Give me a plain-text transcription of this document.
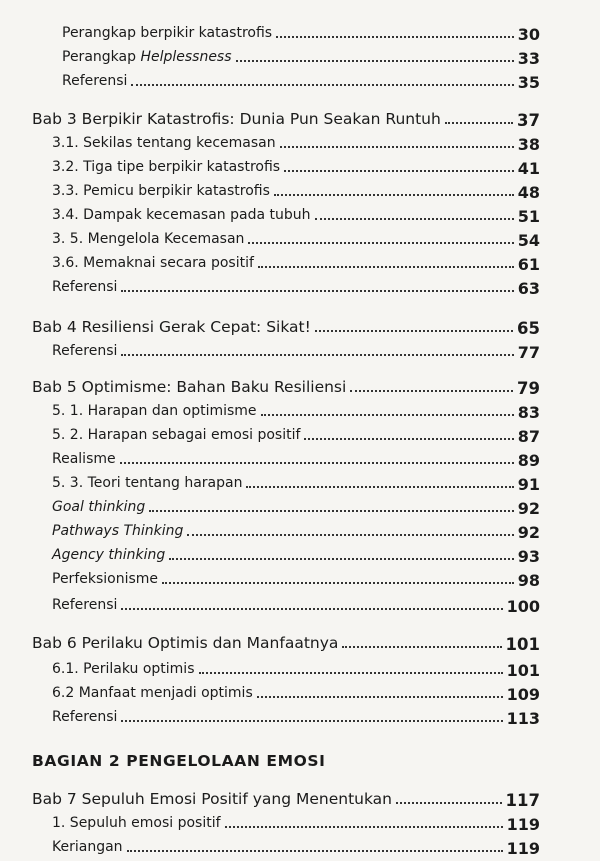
Perangkap berpikir katastrofis	30
Perangkap Helplessness	33
Referensi	35
Bab 3 Berpikir Katastrofis: Dunia Pun Seakan Runtuh	37
3.1. Sekilas tentang kecemasan	38
3.2. Tiga tipe berpikir katastrofis	41
3.3. Pemicu berpikir katastrofis	48
3.4. Dampak kecemasan pada tubuh	51
3. 5. Mengelola Kecemasan	54
3.6. Memaknai secara positif	61
Referensi	63
Bab 4 Resiliensi Gerak Cepat: Sikat!	65
Referensi	77
Bab 5 Optimisme: Bahan Baku Resiliensi	79
5. 1. Harapan dan optimisme	83
5. 2. Harapan sebagai emosi positif	87
Realisme	89
5. 3. Teori tentang harapan	91
Goal thinking	92
Pathways Thinking	92
Agency thinking	93
Perfeksionisme	98
Referensi	100
Bab 6 Perilaku Optimis dan Manfaatnya	101
6.1. Perilaku optimis	101
6.2 Manfaat menjadi optimis	109
Referensi	113
BAGIAN 2 PENGELOLAAN EMOSI
Bab 7 Sepuluh Emosi Positif yang Menentukan	117
1. Sepuluh emosi positif	119
Keriangan	119
